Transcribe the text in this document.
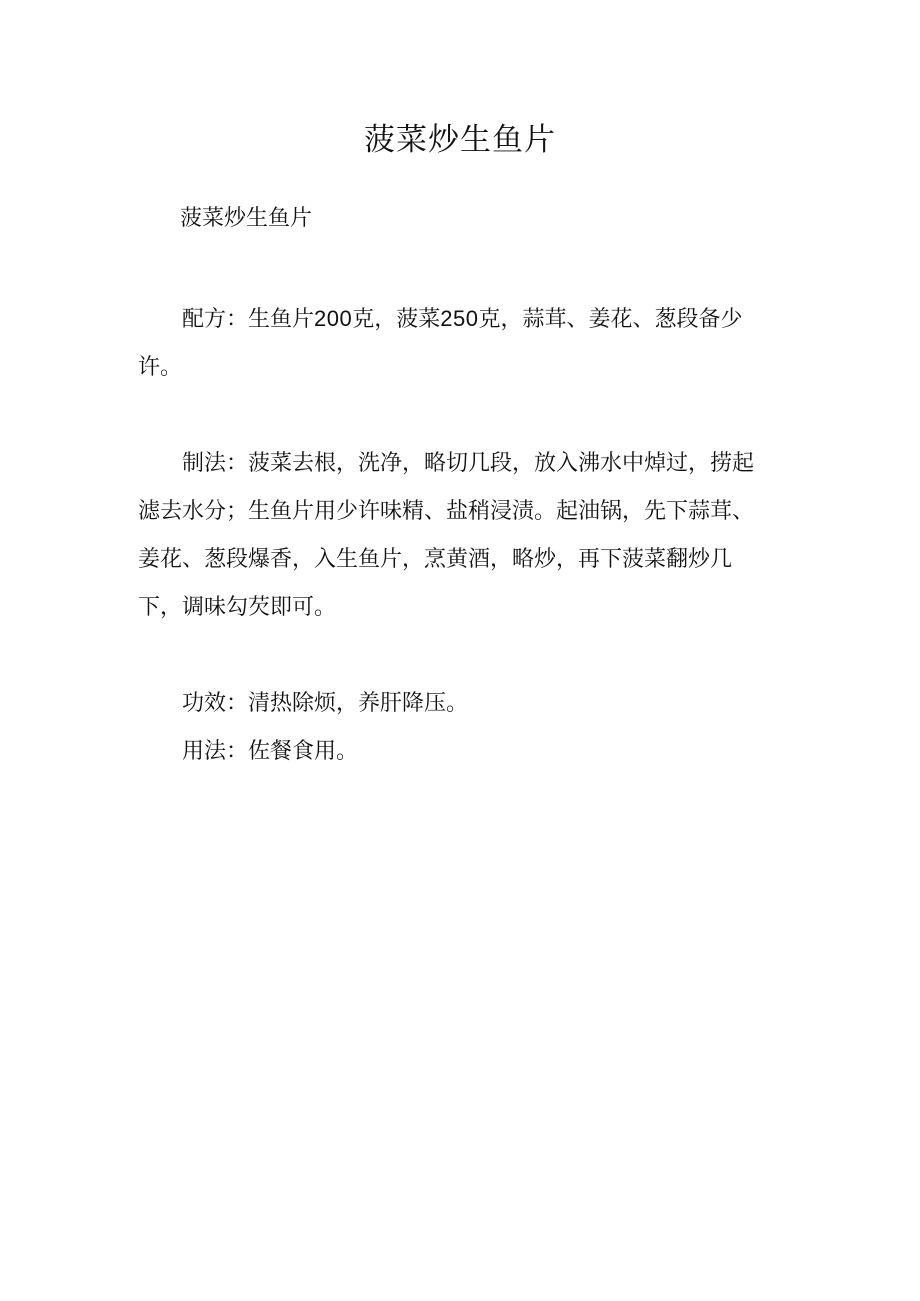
菠菜炒生鱼片
菠菜炒生鱼片

配方：生鱼片200克，菠菜250克，蒜茸、姜花、葱段备少许。

制法：菠菜去根，洗净，略切几段，放入沸水中焯过，捞起滤去水分；生鱼片用少许味精、盐稍浸渍。起油锅，先下蒜茸、姜花、葱段爆香，入生鱼片，烹黄酒，略炒，再下菠菜翻炒几下，调味勾芡即可。

功效：清热除烦，养肝降压。

用法：佐餐食用。
